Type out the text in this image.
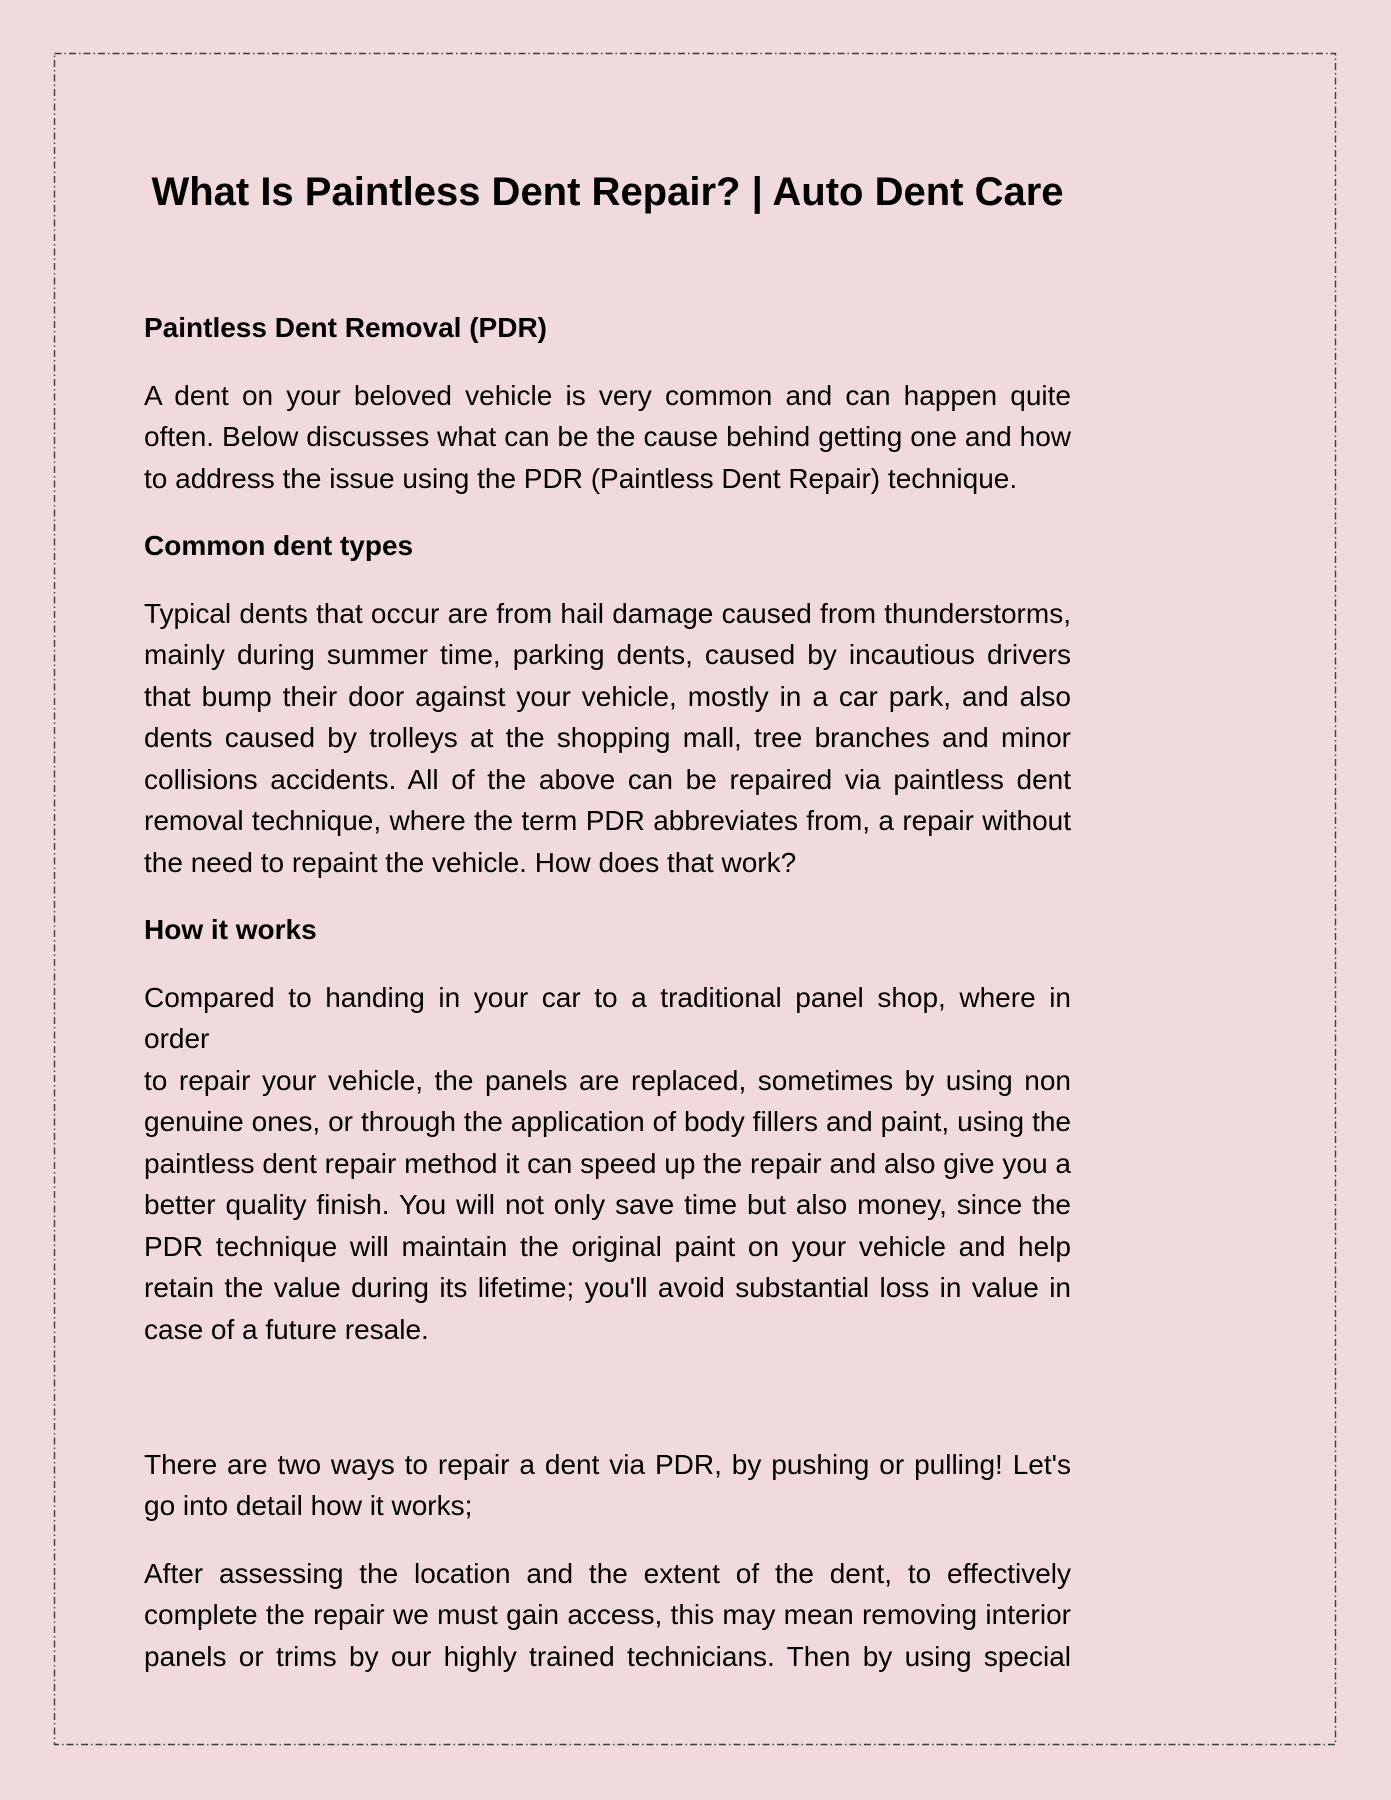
What Is Paintless Dent Repair? | Auto Dent Care
Paintless Dent Removal (PDR)
A dent on your beloved vehicle is very common and can happen quite
often. Below discusses what can be the cause behind getting one and how
to address the issue using the PDR (Paintless Dent Repair) technique.
Common dent types
Typical dents that occur are from hail damage caused from thunderstorms,
mainly during summer time, parking dents, caused by incautious drivers
that bump their door against your vehicle, mostly in a car park, and also
dents caused by trolleys at the shopping mall, tree branches and minor
collisions accidents. All of the above can be repaired via paintless dent
removal technique, where the term PDR abbreviates from, a repair without
the need to repaint the vehicle. How does that work?
How it works
Compared to handing in your car to a traditional panel shop, where in order
to repair your vehicle, the panels are replaced, sometimes by using non
genuine ones, or through the application of body fillers and paint, using the
paintless dent repair method it can speed up the repair and also give you a
better quality finish. You will not only save time but also money, since the
PDR technique will maintain the original paint on your vehicle and help
retain the value during its lifetime; you'll avoid substantial loss in value in
case of a future resale.
There are two ways to repair a dent via PDR, by pushing or pulling! Let's
go into detail how it works;
After assessing the location and the extent of the dent, to effectively
complete the repair we must gain access, this may mean removing interior
panels or trims by our highly trained technicians. Then by using special
